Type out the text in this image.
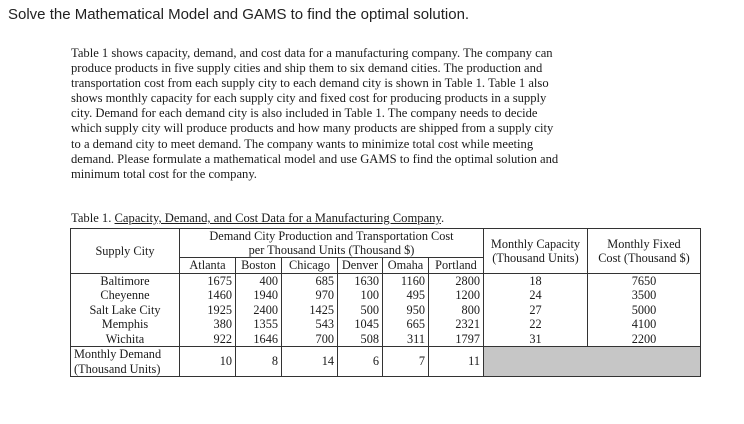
Solve the Mathematical Model and GAMS to find the optimal solution.
Table 1 shows capacity, demand, and cost data for a manufacturing company. The company can
produce products in five supply cities and ship them to six demand cities. The production and
transportation cost from each supply city to each demand city is shown in Table 1. Table 1 also
shows monthly capacity for each supply city and fixed cost for producing products in a supply
city. Demand for each demand city is also included in Table 1. The company needs to decide
which supply city will produce products and how many products are shipped from a supply city
to a demand city to meet demand. The company wants to minimize total cost while meeting
demand. Please formulate a mathematical model and use GAMS to find the optimal solution and
minimum total cost for the company.
Table 1. Capacity, Demand, and Cost Data for a Manufacturing Company.
Supply City	Demand City Production and Transportation Cost
per Thousand Units (Thousand $)						Monthly Capacity
(Thousand Units)	Monthly Fixed
Cost (Thousand $)
	Atlanta	Boston	Chicago	Denver	Omaha	Portland		
Baltimore	1675	400	685	1630	1160	2800	18	7650
Cheyenne	1460	1940	970	100	495	1200	24	3500
Salt Lake City	1925	2400	1425	500	950	800	27	5000
Memphis	380	1355	543	1045	665	2321	22	4100
Wichita	922	1646	700	508	311	1797	31	2200
Monthly Demand
(Thousand Units)	10	8	14	6	7	11		
